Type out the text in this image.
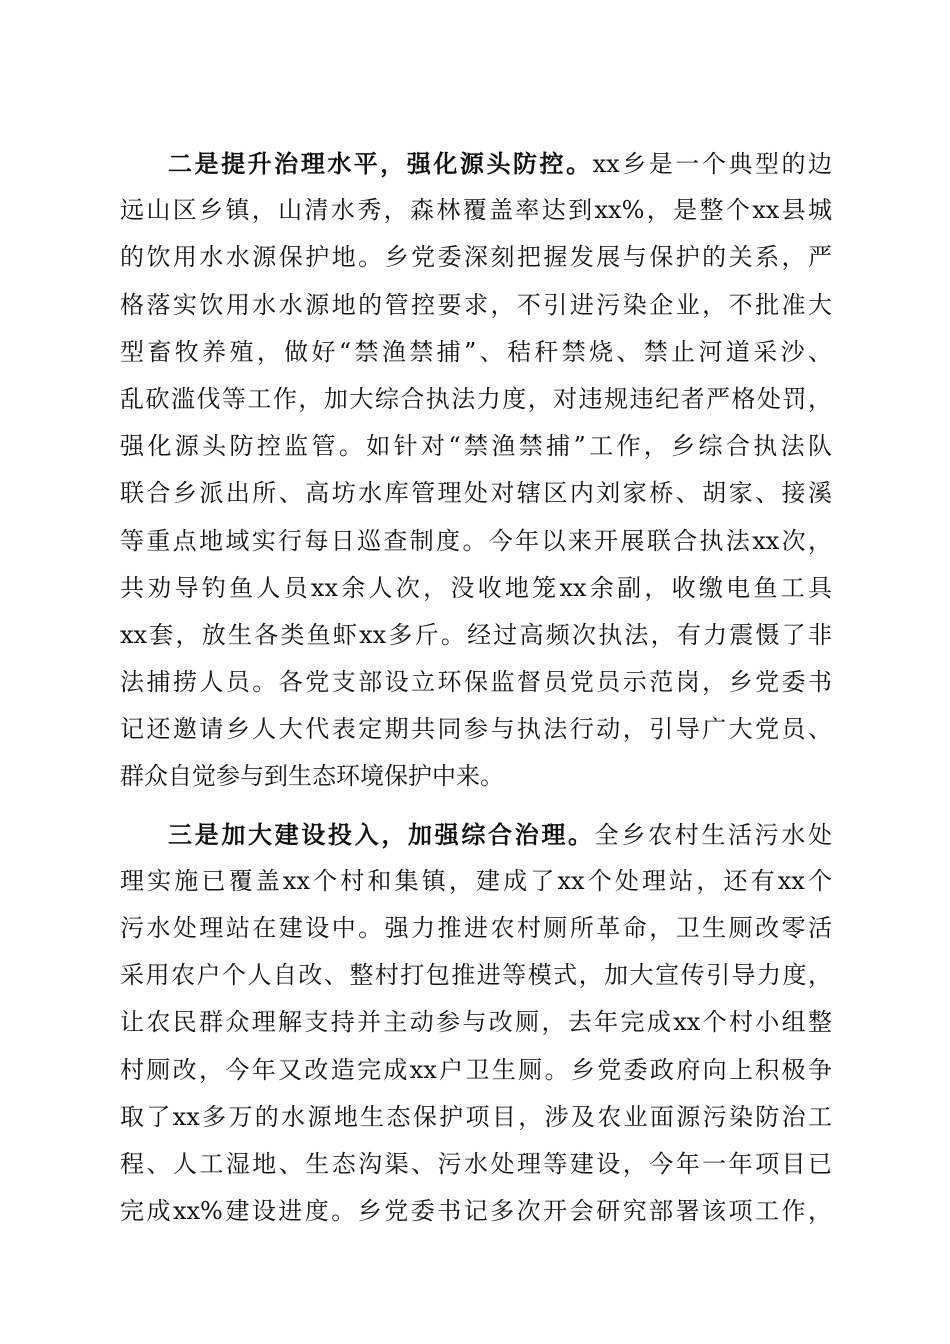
二是提升治理水平，强化源头防控。xx乡是一个典型的边
远山区乡镇，山清水秀，森林覆盖率达到xx%，是整个xx县城
的饮用水水源保护地。乡党委深刻把握发展与保护的关系，严
格落实饮用水水源地的管控要求，不引进污染企业，不批准大
型畜牧养殖，做好“禁渔禁捕”、秸秆禁烧、禁止河道采沙、
乱砍滥伐等工作，加大综合执法力度，对违规违纪者严格处罚，
强化源头防控监管。如针对“禁渔禁捕”工作，乡综合执法队
联合乡派出所、高坊水库管理处对辖区内刘家桥、胡家、接溪
等重点地域实行每日巡查制度。今年以来开展联合执法xx次，
共劝导钓鱼人员xx余人次，没收地笼xx余副，收缴电鱼工具
xx套，放生各类鱼虾xx多斤。经过高频次执法，有力震慑了非
法捕捞人员。各党支部设立环保监督员党员示范岗，乡党委书
记还邀请乡人大代表定期共同参与执法行动，引导广大党员、
群众自觉参与到生态环境保护中来。
三是加大建设投入，加强综合治理。全乡农村生活污水处
理实施已覆盖xx个村和集镇，建成了xx个处理站，还有xx个
污水处理站在建设中。强力推进农村厕所革命，卫生厕改零活
采用农户个人自改、整村打包推进等模式，加大宣传引导力度，
让农民群众理解支持并主动参与改厕，去年完成xx个村小组整
村厕改，今年又改造完成xx户卫生厕。乡党委政府向上积极争
取了xx多万的水源地生态保护项目，涉及农业面源污染防治工
程、人工湿地、生态沟渠、污水处理等建设，今年一年项目已
完成xx%建设进度。乡党委书记多次开会研究部署该项工作，
